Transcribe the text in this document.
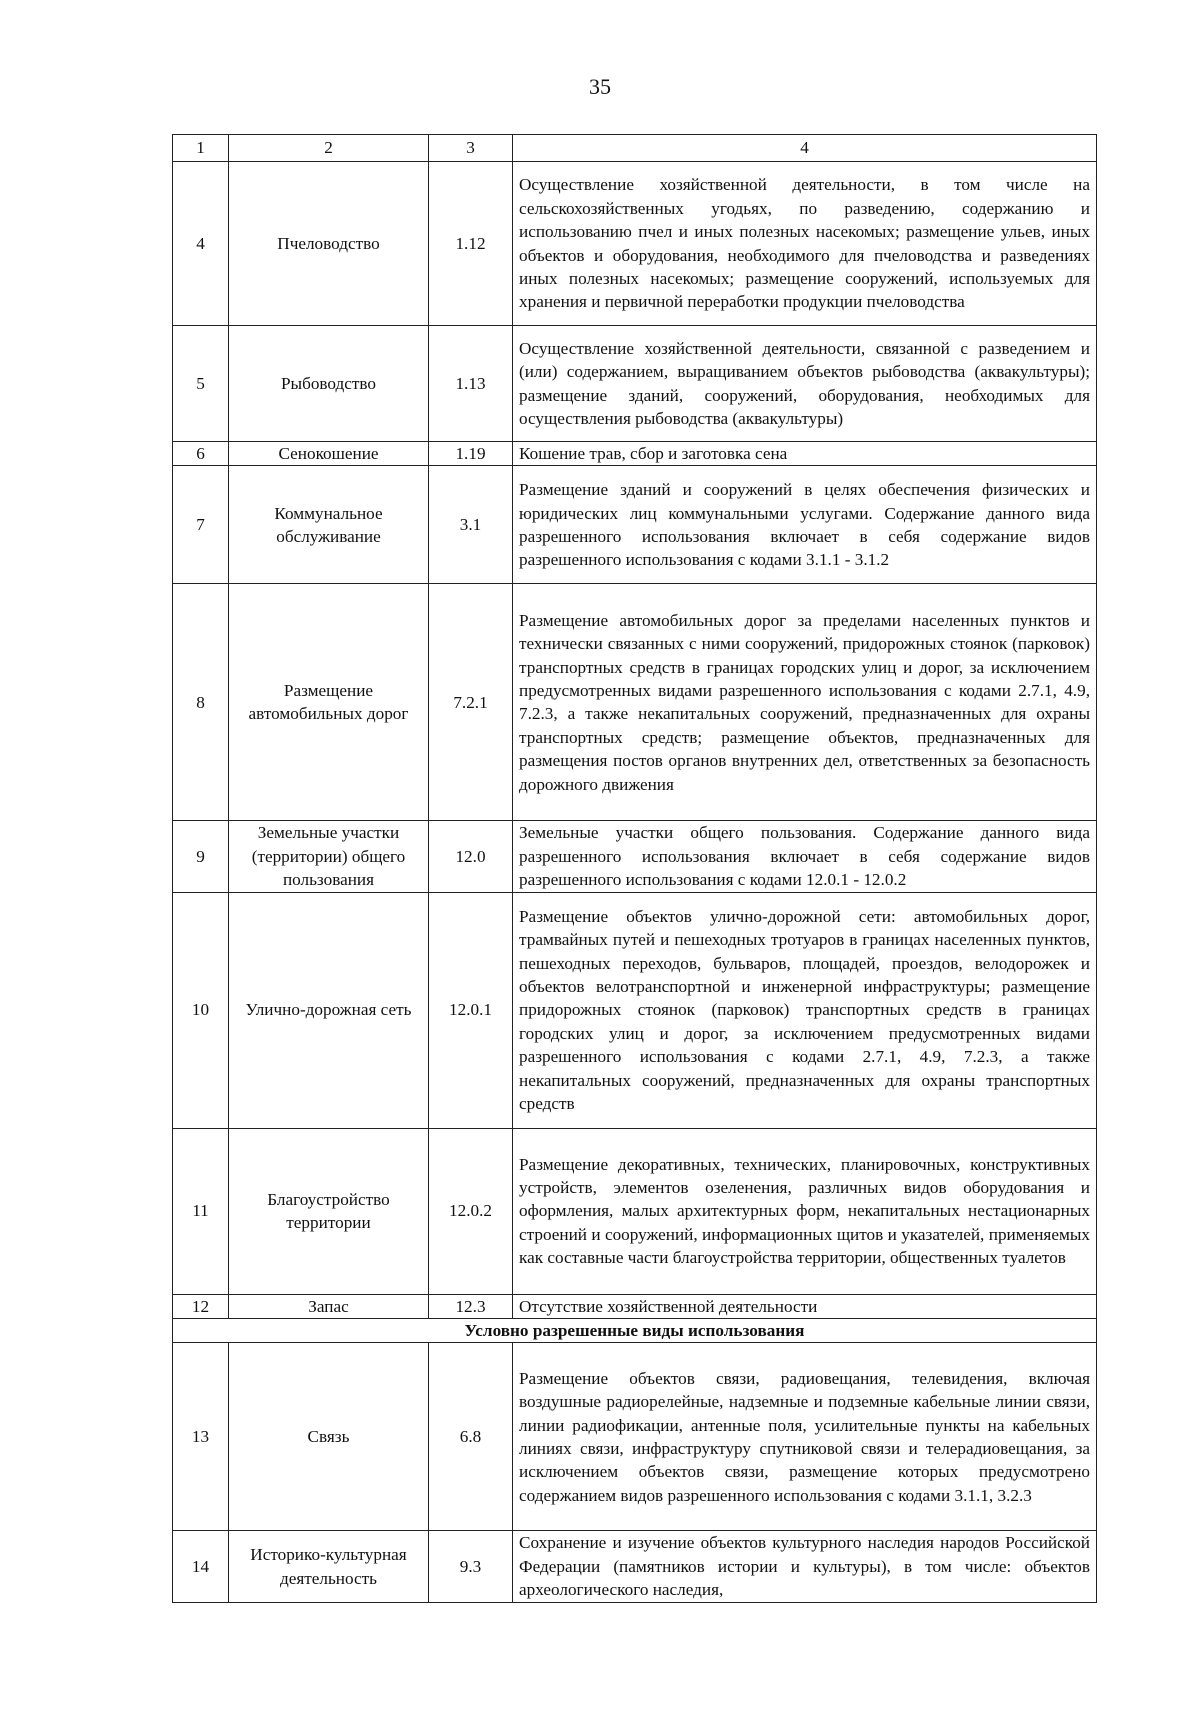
35
1	2	3	4
4	Пчеловодство	1.12	Осуществление хозяйственной деятельности, в том числе на сельскохозяйственных угодьях, по разведению, содержанию и использованию пчел и иных полезных насекомых; размещение ульев, иных объектов и оборудования, необходимого для пчеловодства и разведениях иных полезных насекомых; размещение сооружений, используемых для хранения и первичной переработки продукции пчеловодства
5	Рыбоводство	1.13	Осуществление хозяйственной деятельности, связанной с разведением и (или) содержанием, выращиванием объектов рыбоводства (аквакультуры); размещение зданий, сооружений, оборудования, необходимых для осуществления рыбоводства (аквакультуры)
6	Сенокошение	1.19	Кошение трав, сбор и заготовка сена
7	Коммунальное обслуживание	3.1	Размещение зданий и сооружений в целях обеспечения физических и юридических лиц коммунальными услугами. Содержание данного вида разрешенного использования включает в себя содержание видов разрешенного использования с кодами 3.1.1 - 3.1.2
8	Размещение автомобильных дорог	7.2.1	Размещение автомобильных дорог за пределами населенных пунктов и технически связанных с ними сооружений, придорожных стоянок (парковок) транспортных средств в границах городских улиц и дорог, за исключением предусмотренных видами разрешенного использования с кодами 2.7.1, 4.9, 7.2.3, а также некапитальных сооружений, предназначенных для охраны транспортных средств; размещение объектов, предназначенных для размещения постов органов внутренних дел, ответственных за безопасность дорожного движения
9	Земельные участки (территории) общего пользования	12.0	Земельные участки общего пользования. Содержание данного вида разрешенного использования включает в себя содержание видов разрешенного использования с кодами 12.0.1 - 12.0.2
10	Улично-дорожная сеть	12.0.1	Размещение объектов улично-дорожной сети: автомобильных дорог, трамвайных путей и пешеходных тротуаров в границах населенных пунктов, пешеходных переходов, бульваров, площадей, проездов, велодорожек и объектов велотранспортной и инженерной инфраструктуры; размещение придорожных стоянок (парковок) транспортных средств в границах городских улиц и дорог, за исключением предусмотренных видами разрешенного использования с кодами 2.7.1, 4.9, 7.2.3, а также некапитальных сооружений, предназначенных для охраны транспортных средств
11	Благоустройство территории	12.0.2	Размещение декоративных, технических, планировочных, конструктивных устройств, элементов озеленения, различных видов оборудования и оформления, малых архитектурных форм, некапитальных нестационарных строений и сооружений, информационных щитов и указателей, применяемых как составные части благоустройства территории, общественных туалетов
12	Запас	12.3	Отсутствие хозяйственной деятельности
Условно разрешенные виды использования			
13	Связь	6.8	Размещение объектов связи, радиовещания, телевидения, включая воздушные радиорелейные, надземные и подземные кабельные линии связи, линии радиофикации, антенные поля, усилительные пункты на кабельных линиях связи, инфраструктуру спутниковой связи и телерадиовещания, за исключением объектов связи, размещение которых предусмотрено содержанием видов разрешенного использования с кодами 3.1.1, 3.2.3
14	Историко-культурная деятельность	9.3	Сохранение и изучение объектов культурного наследия народов Российской Федерации (памятников истории и культуры), в том числе: объектов археологического наследия,
